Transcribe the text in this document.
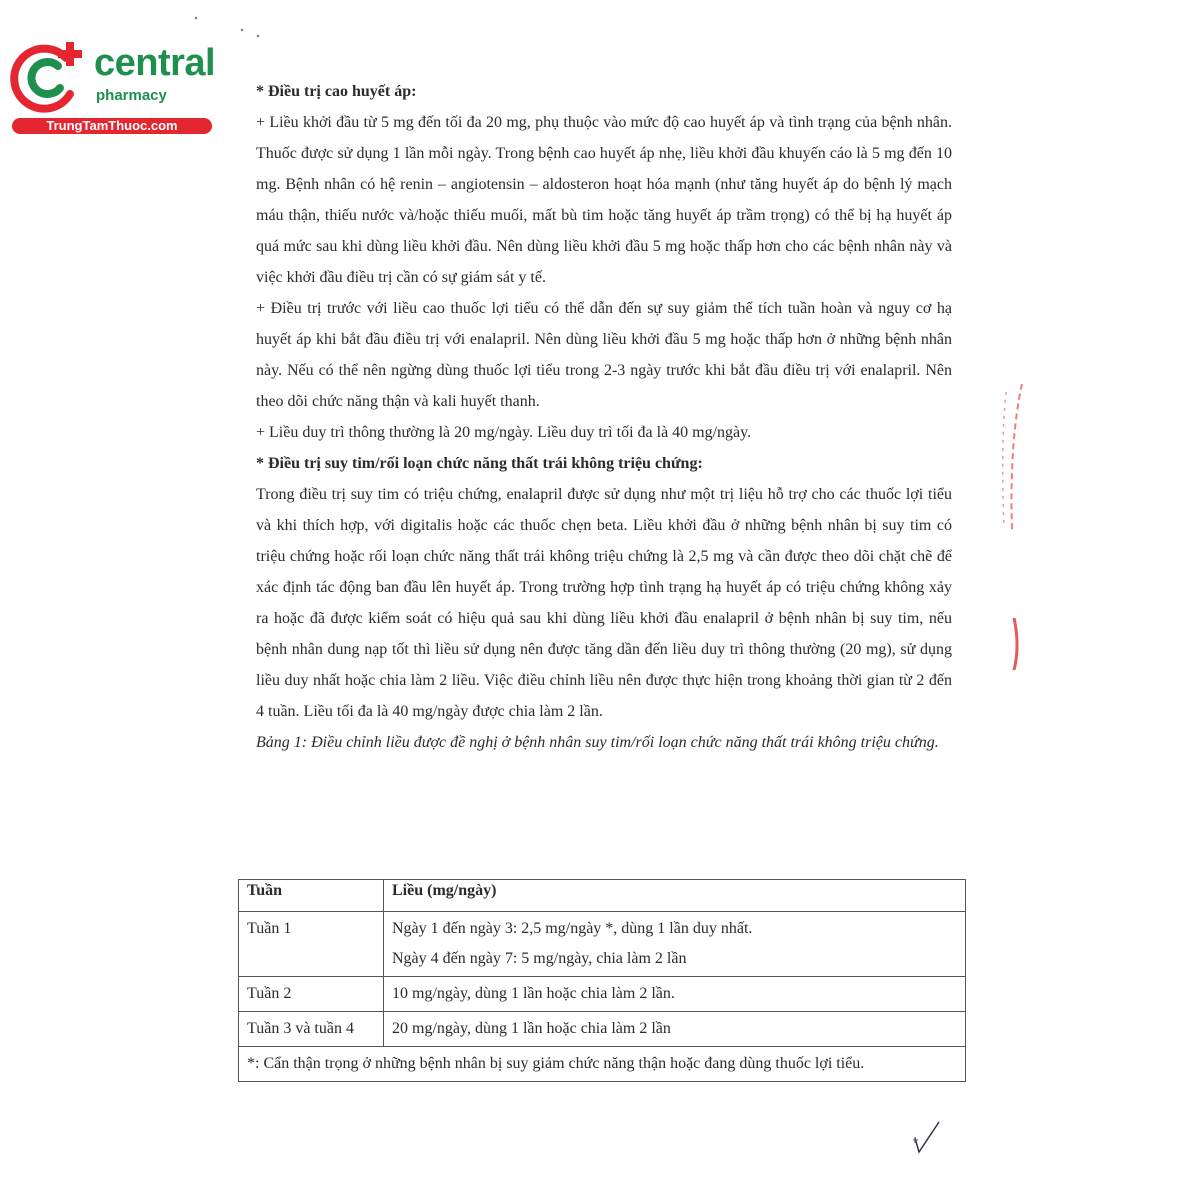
central
pharmacy
TrungTamThuoc.com

* Điều trị cao huyết áp:

+ Liều khởi đầu từ 5 mg đến tối đa 20 mg, phụ thuộc vào mức độ cao huyết áp và tình trạng của bệnh nhân. Thuốc được sử dụng 1 lần mỗi ngày. Trong bệnh cao huyết áp nhẹ, liều khởi đầu khuyến cáo là 5 mg đến 10 mg. Bệnh nhân có hệ renin – angiotensin – aldosteron hoạt hóa mạnh (như tăng huyết áp do bệnh lý mạch máu thận, thiếu nước và/hoặc thiếu muối, mất bù tim hoặc tăng huyết áp trầm trọng) có thể bị hạ huyết áp quá mức sau khi dùng liều khởi đầu. Nên dùng liều khởi đầu 5 mg hoặc thấp hơn cho các bệnh nhân này và việc khởi đầu điều trị cần có sự giám sát y tế.

+ Điều trị trước với liều cao thuốc lợi tiểu có thể dẫn đến sự suy giảm thể tích tuần hoàn và nguy cơ hạ huyết áp khi bắt đầu điều trị với enalapril. Nên dùng liều khởi đầu 5 mg hoặc thấp hơn ở những bệnh nhân này. Nếu có thể nên ngừng dùng thuốc lợi tiểu trong 2-3 ngày trước khi bắt đầu điều trị với enalapril. Nên theo dõi chức năng thận và kali huyết thanh.

+ Liều duy trì thông thường là 20 mg/ngày. Liều duy trì tối đa là 40 mg/ngày.

* Điều trị suy tim/rối loạn chức năng thất trái không triệu chứng:

Trong điều trị suy tim có triệu chứng, enalapril được sử dụng như một trị liệu hỗ trợ cho các thuốc lợi tiểu và khi thích hợp, với digitalis hoặc các thuốc chẹn beta. Liều khởi đầu ở những bệnh nhân bị suy tim có triệu chứng hoặc rối loạn chức năng thất trái không triệu chứng là 2,5 mg và cần được theo dõi chặt chẽ để xác định tác động ban đầu lên huyết áp. Trong trường hợp tình trạng hạ huyết áp có triệu chứng không xảy ra hoặc đã được kiểm soát có hiệu quả sau khi dùng liều khởi đầu enalapril ở bệnh nhân bị suy tim, nếu bệnh nhân dung nạp tốt thì liều sử dụng nên được tăng dần đến liều duy trì thông thường (20 mg), sử dụng liều duy nhất hoặc chia làm 2 liều. Việc điều chỉnh liều nên được thực hiện trong khoảng thời gian từ 2 đến 4 tuần. Liều tối đa là 40 mg/ngày được chia làm 2 lần.

Bảng 1: Điều chỉnh liều được đề nghị ở bệnh nhân suy tim/rối loạn chức năng thất trái không triệu chứng.

Tuần	Liều (mg/ngày)
Tuần 1	Ngày 1 đến ngày 3: 2,5 mg/ngày *, dùng 1 lần duy nhất.
Ngày 4 đến ngày 7: 5 mg/ngày, chia làm 2 lần

Tuần 2	10 mg/ngày, dùng 1 lần hoặc chia làm 2 lần.
Tuần 3 và tuần 4	20 mg/ngày, dùng 1 lần hoặc chia làm 2 lần
*: Cẩn thận trọng ở những bệnh nhân bị suy giảm chức năng thận hoặc đang dùng thuốc lợi tiểu.	
